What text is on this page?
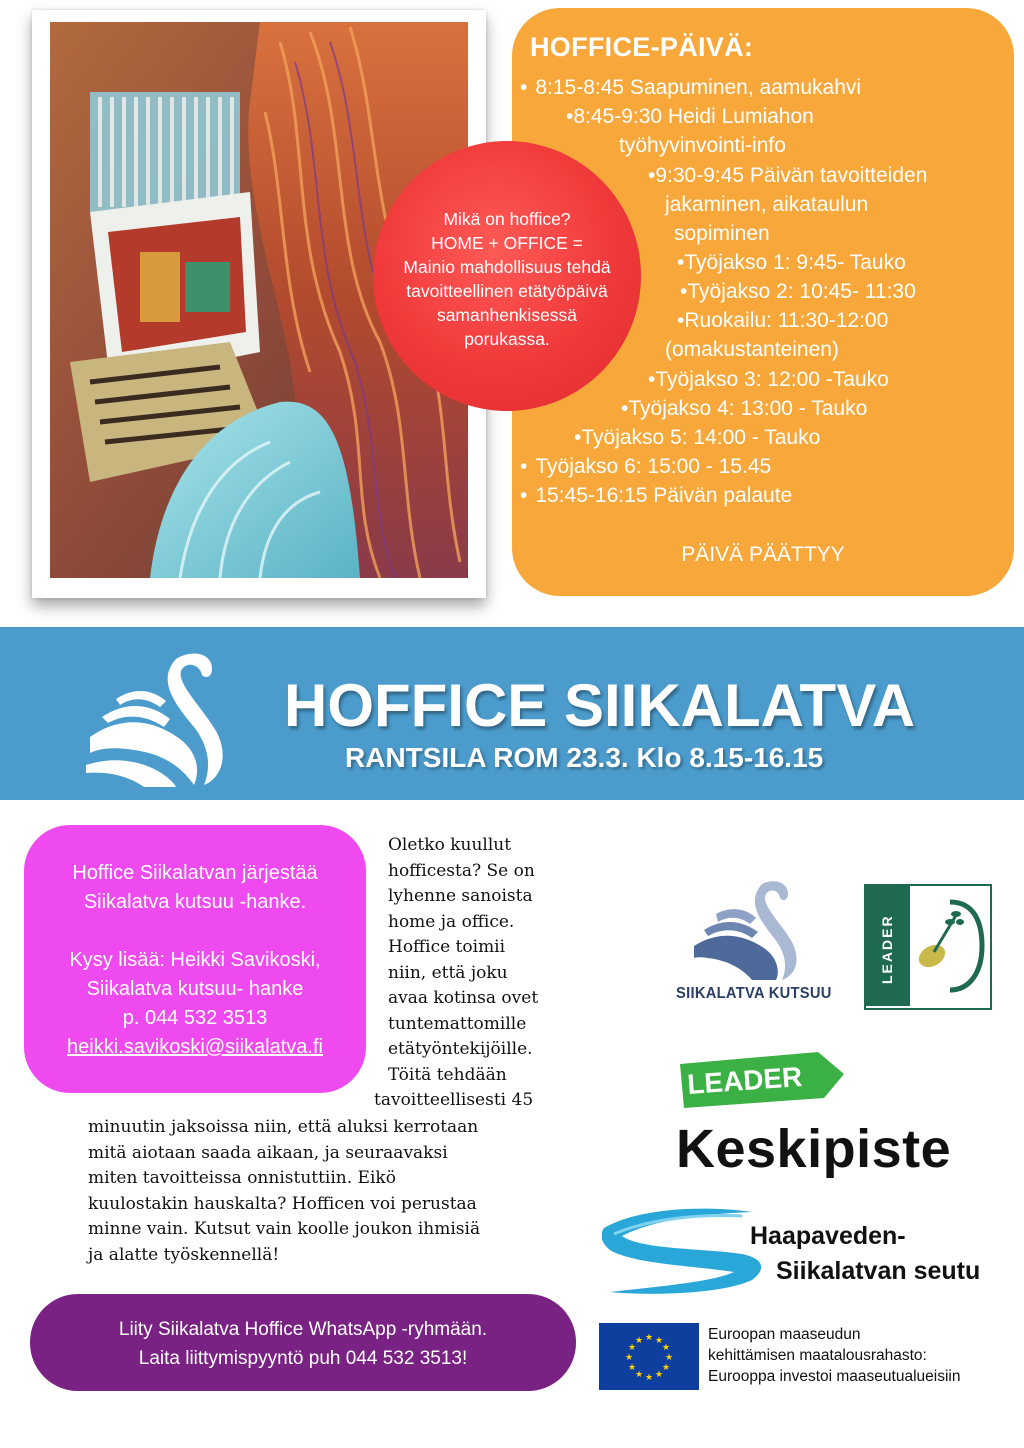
HOFFICE-PÄIVÄ:
• 8:15-8:45 Saapuminen, aamukahvi
•8:45-9:30 Heidi Lumiahon
työhyvinvointi-info
•9:30-9:45 Päivän tavoitteiden
jakaminen, aikataulun
sopiminen
•Työjakso 1: 9:45- Tauko
•Työjakso 2: 10:45- 11:30
•Ruokailu: 11:30-12:00
(omakustanteinen)
•Työjakso 3: 12:00 -Tauko
•Työjakso 4: 13:00 - Tauko
•Työjakso 5: 14:00 - Tauko
• Työjakso 6: 15:00 - 15.45
• 15:45-16:15 Päivän palaute
PÄIVÄ PÄÄTTYY
Mikä on hoffice?
HOME + OFFICE =
Mainio mahdollisuus tehdä
tavoitteellinen etätyöpäivä
samanhenkisessä
porukassa.
HOFFICE SIIKALATVA
RANTSILA ROM 23.3. Klo 8.15-16.15
Hoffice Siikalatvan järjestää
Siikalatva kutsuu -hanke.
Kysy lisää: Heikki Savikoski,
Siikalatva kutsuu- hanke
p. 044 532 3513
heikki.savikoski@siikalatva.fi
Oletko kuullut
hofficesta? Se on
lyhenne sanoista
home ja office.
Hoffice toimii
niin, että joku
avaa kotinsa ovet
tuntemattomille
etätyöntekijöille.
Töitä tehdään
tavoitteellisesti 45
minuutin jaksoissa niin, että aluksi kerrotaan
mitä aiotaan saada aikaan, ja seuraavaksi
miten tavoitteissa onnistuttiin. Eikö
kuulostakin hauskalta? Hofficen voi perustaa
minne vain. Kutsut vain koolle joukon ihmisiä
ja alatte työskennellä!
Liity Siikalatva Hoffice WhatsApp -ryhmään.
Laita liittymispyyntö puh 044 532 3513!
SIIKALATVA KUTSUU
LEADER
LEADER
Keskipiste
Haapaveden-
Siikalatvan seutu
★ ★
★
★
★
★
★
★
★
★
★
★	Euroopan maaseudun
kehittämisen maatalousrahasto:
Eurooppa investoi maaseutualueisiin
